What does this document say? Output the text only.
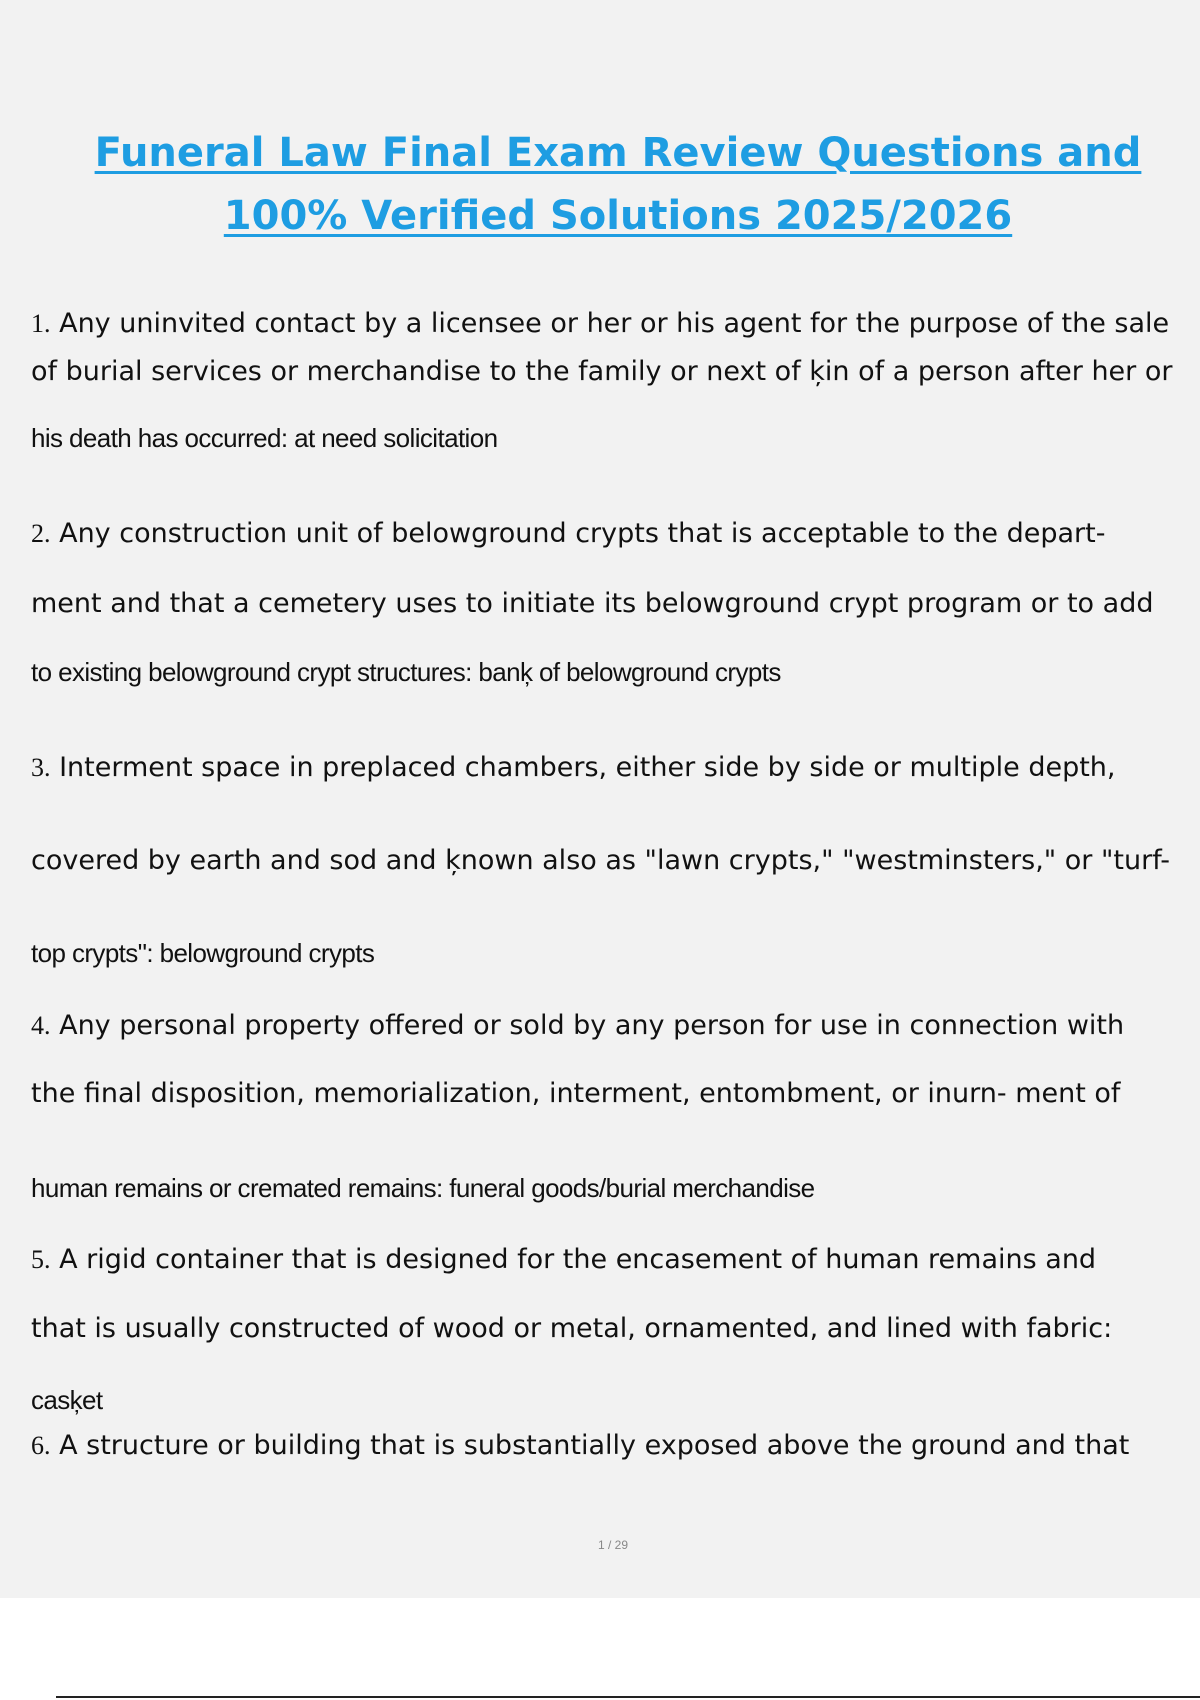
Funeral Law Final Exam Review Questions and
100% Verified Solutions 2025/2026
1. Any uninvited contact by a licensee or her or his agent for the purpose of the sale
of burial services or merchandise to the family or next of ķin of a person after her or
his death has occurred: at need solicitation
2. Any construction unit of belowground crypts that is acceptable to the depart-
ment and that a cemetery uses to initiate its belowground crypt program or to add
to existing belowground crypt structures: banķ of belowground crypts
3. Interment space in preplaced chambers, either side by side or multiple depth,
covered by earth and sod and ķnown also as "lawn crypts," "westminsters," or "turf-
top crypts": belowground crypts
4. Any personal property offered or sold by any person for use in connection with
the final disposition, memorialization, interment, entombment, or inurn- ment of
human remains or cremated remains: funeral goods/burial merchandise
5. A rigid container that is designed for the encasement of human remains and
that is usually constructed of wood or metal, ornamented, and lined with fabric:
casķet
6. A structure or building that is substantially exposed above the ground and that
1 / 29
